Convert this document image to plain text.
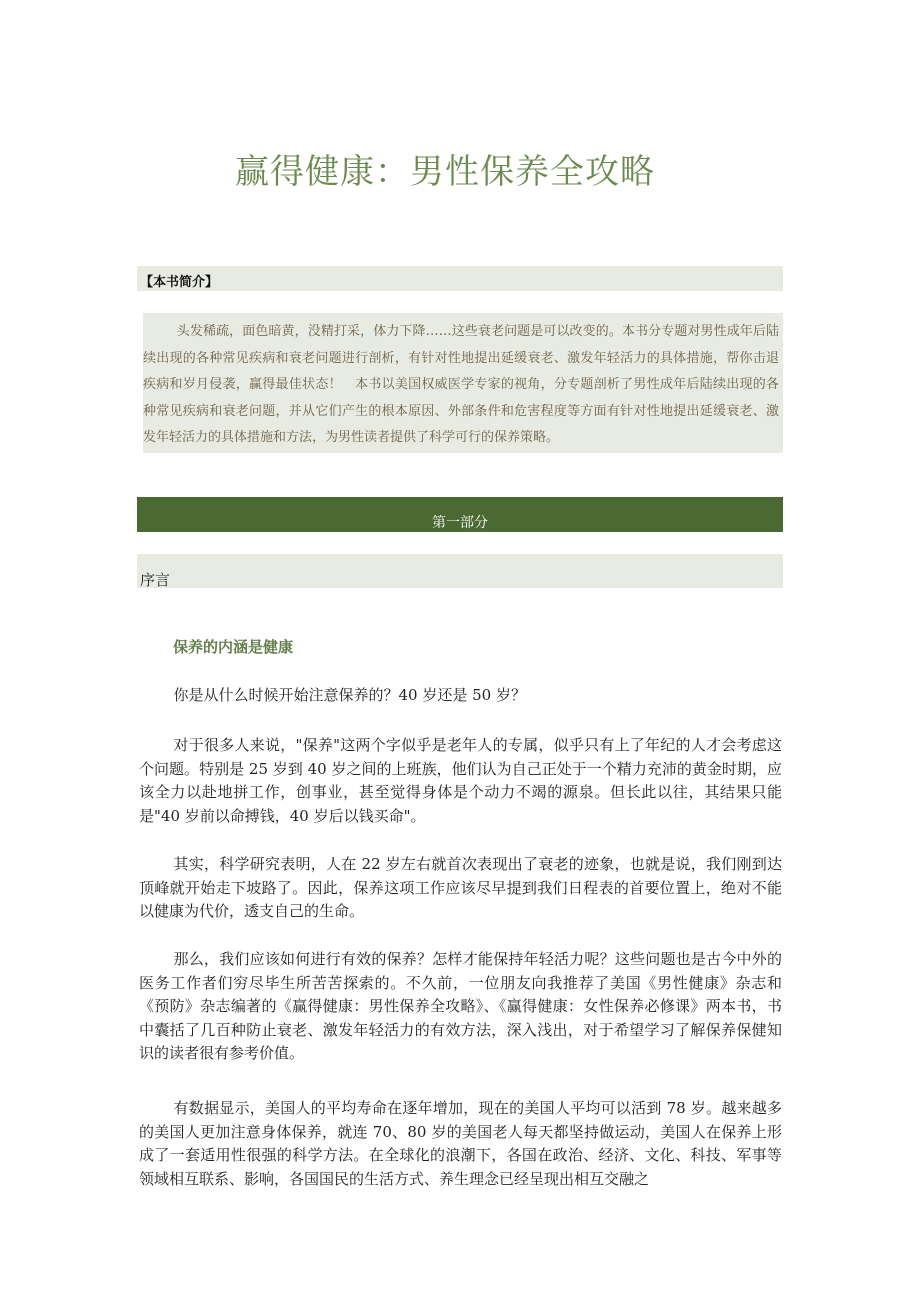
赢得健康：男性保养全攻略
【本书简介】

头发稀疏，面色暗黄，没精打采，体力下降……这些衰老问题是可以改变的。本书分专题对男性成年后陆续出现的各种常见疾病和衰老问题进行剖析，有针对性地提出延缓衰老、激发年轻活力的具体措施，帮你击退疾病和岁月侵袭，赢得最佳状态！　本书以美国权威医学专家的视角，分专题剖析了男性成年后陆续出现的各种常见疾病和衰老问题，并从它们产生的根本原因、外部条件和危害程度等方面有针对性地提出延缓衰老、激发年轻活力的具体措施和方法，为男性读者提供了科学可行的保养策略。

第一部分
序言
保养的内涵是健康

你是从什么时候开始注意保养的？40 岁还是 50 岁？

对于很多人来说，"保养"这两个字似乎是老年人的专属，似乎只有上了年纪的人才会考虑这个问题。特别是 25 岁到 40 岁之间的上班族，他们认为自己正处于一个精力充沛的黄金时期，应该全力以赴地拼工作，创事业，甚至觉得身体是个动力不竭的源泉。但长此以往，其结果只能是"40 岁前以命搏钱，40 岁后以钱买命"。

其实，科学研究表明，人在 22 岁左右就首次表现出了衰老的迹象，也就是说，我们刚到达顶峰就开始走下坡路了。因此，保养这项工作应该尽早提到我们日程表的首要位置上，绝对不能以健康为代价，透支自己的生命。

那么，我们应该如何进行有效的保养？怎样才能保持年轻活力呢？这些问题也是古今中外的医务工作者们穷尽毕生所苦苦探索的。不久前，一位朋友向我推荐了美国《男性健康》杂志和《预防》杂志编著的《赢得健康：男性保养全攻略》、《赢得健康：女性保养必修课》两本书，书中囊括了几百种防止衰老、激发年轻活力的有效方法，深入浅出，对于希望学习了解保养保健知识的读者很有参考价值。

有数据显示，美国人的平均寿命在逐年增加，现在的美国人平均可以活到 78 岁。越来越多的美国人更加注意身体保养，就连 70、80 岁的美国老人每天都坚持做运动，美国人在保养上形成了一套适用性很强的科学方法。在全球化的浪潮下，各国在政治、经济、文化、科技、军事等领域相互联系、影响，各国国民的生活方式、养生理念已经呈现出相互交融之
